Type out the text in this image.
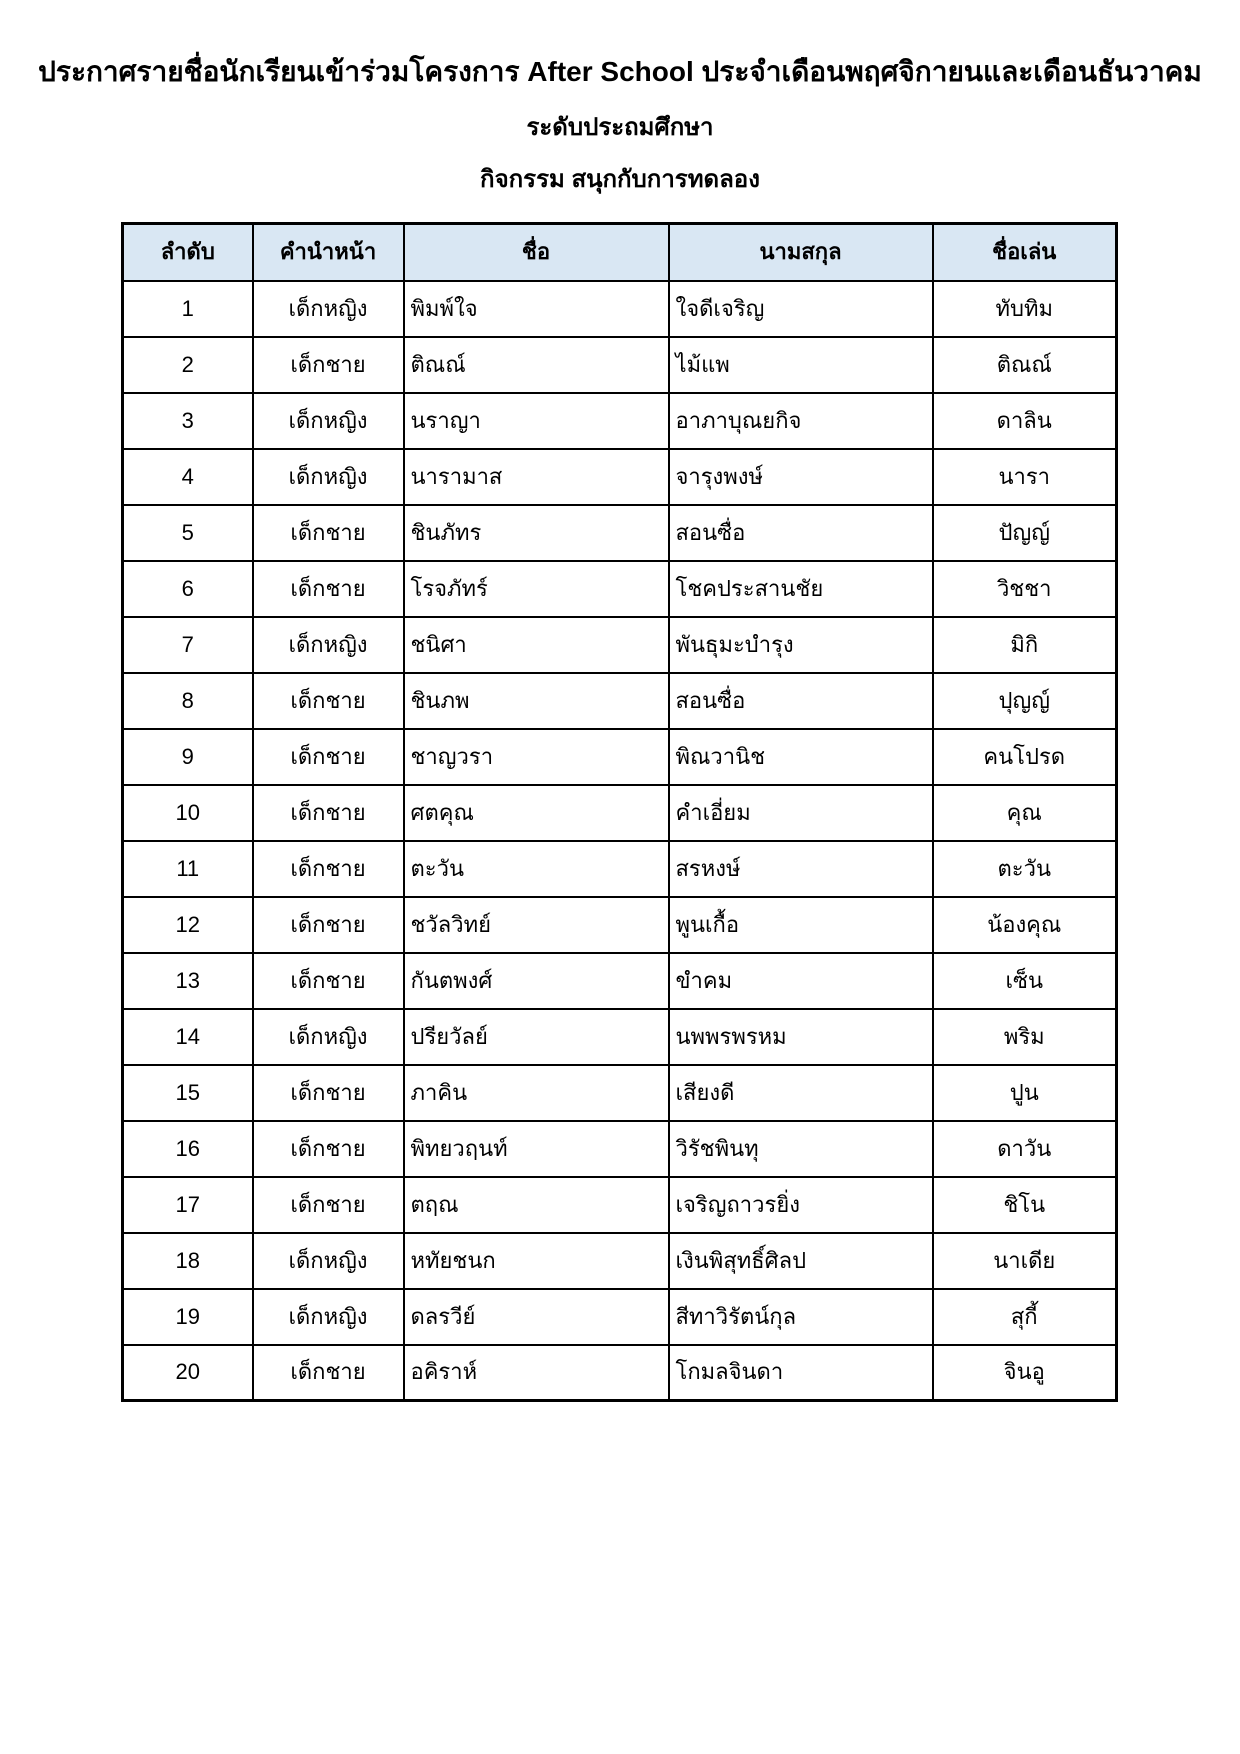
ประกาศรายชื่อนักเรียนเข้าร่วมโครงการ After School ประจำเดือนพฤศจิกายนและเดือนธันวาคม
ระดับประถมศึกษา
กิจกรรม สนุกกับการทดลอง
ลำดับ	คำนำหน้า	ชื่อ	นามสกุล	ชื่อเล่น
1	เด็กหญิง	พิมพ์ใจ	ใจดีเจริญ	ทับทิม
2	เด็กชาย	ติณณ์	ไม้แพ	ติณณ์
3	เด็กหญิง	นราญา	อาภาบุณยกิจ	ดาลิน
4	เด็กหญิง	นารามาส	จารุงพงษ์	นารา
5	เด็กชาย	ชินภัทร	สอนซื่อ	ปัญญ์
6	เด็กชาย	โรจภัทร์	โชคประสานชัย	วิชชา
7	เด็กหญิง	ชนิศา	พันธุมะบำรุง	มิกิ
8	เด็กชาย	ชินภพ	สอนซื่อ	ปุญญ์
9	เด็กชาย	ชาญวรา	พิณวานิช	คนโปรด
10	เด็กชาย	ศตคุณ	คำเอี่ยม	คุณ
11	เด็กชาย	ตะวัน	สรหงษ์	ตะวัน
12	เด็กชาย	ชวัลวิทย์	พูนเกื้อ	น้องคุณ
13	เด็กชาย	กันตพงศ์	ขำคม	เซ็น
14	เด็กหญิง	ปรียวัลย์	นพพรพรหม	พริม
15	เด็กชาย	ภาคิน	เสียงดี	ปูน
16	เด็กชาย	พิทยวฤนท์	วิรัชพินทุ	ดาวัน
17	เด็กชาย	ตฤณ	เจริญถาวรยิ่ง	ชิโน
18	เด็กหญิง	หทัยชนก	เงินพิสุทธิ์ศิลป	นาเดีย
19	เด็กหญิง	ดลรวีย์	สีทาวิรัตน์กุล	สุกี้
20	เด็กชาย	อคิราห์	โกมลจินดา	จินอู
